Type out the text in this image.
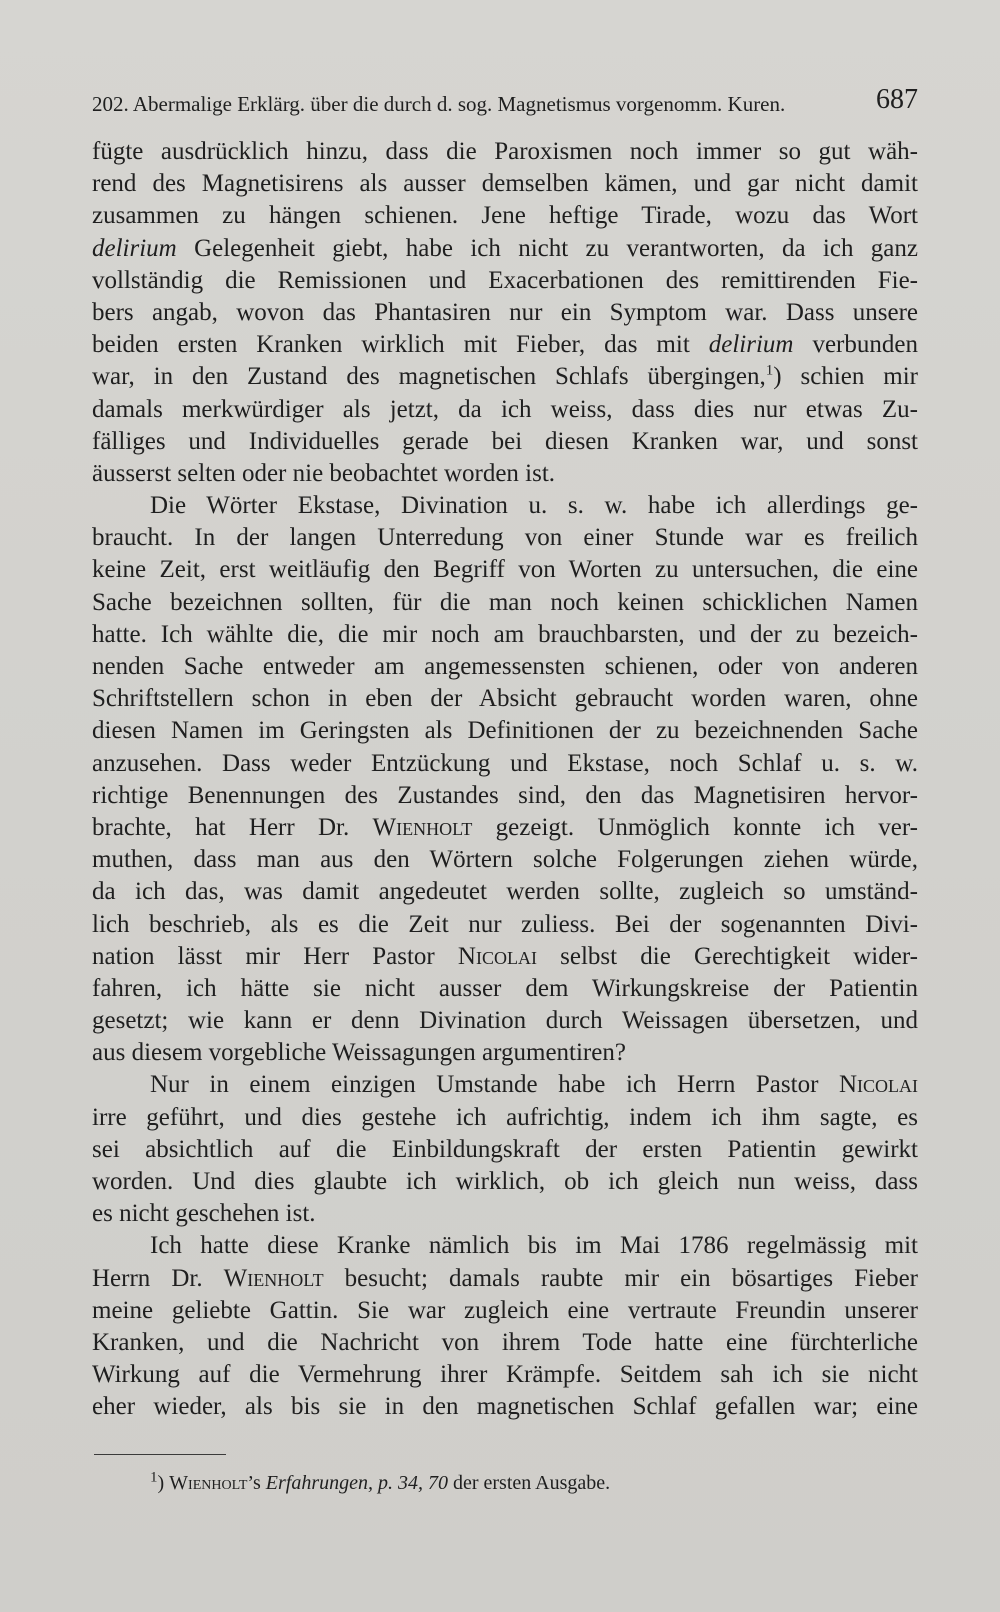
202. Abermalige Erklärg. über die durch d. sog. Magnetismus vorgenomm. Kuren.	687
fügte ausdrücklich hinzu, dass die Paroxismen noch immer so gut wäh-
rend des Magnetisirens als ausser demselben kämen, und gar nicht damit
zusammen zu hängen schienen. Jene heftige Tirade, wozu das Wort
delirium Gelegenheit giebt, habe ich nicht zu verantworten, da ich ganz
vollständig die Remissionen und Exacerbationen des remittirenden Fie-
bers angab, wovon das Phantasiren nur ein Symptom war. Dass unsere
beiden ersten Kranken wirklich mit Fieber, das mit delirium verbunden
war, in den Zustand des magnetischen Schlafs übergingen,$^1$) schien mir
damals merkwürdiger als jetzt, da ich weiss, dass dies nur etwas Zu-
fälliges und Individuelles gerade bei diesen Kranken war, und sonst
äusserst selten oder nie beobachtet worden ist.
Die Wörter Ekstase, Divination u. s. w. habe ich allerdings ge-
braucht. In der langen Unterredung von einer Stunde war es freilich
keine Zeit, erst weitläufig den Begriff von Worten zu untersuchen, die eine
Sache bezeichnen sollten, für die man noch keinen schicklichen Namen
hatte. Ich wählte die, die mir noch am brauchbarsten, und der zu bezeich-
nenden Sache entweder am angemessensten schienen, oder von anderen
Schriftstellern schon in eben der Absicht gebraucht worden waren, ohne
diesen Namen im Geringsten als Definitionen der zu bezeichnenden Sache
anzusehen. Dass weder Entzückung und Ekstase, noch Schlaf u. s. w.
richtige Benennungen des Zustandes sind, den das Magnetisiren hervor-
brachte, hat Herr Dr. Wienholt gezeigt. Unmöglich konnte ich ver-
muthen, dass man aus den Wörtern solche Folgerungen ziehen würde,
da ich das, was damit angedeutet werden sollte, zugleich so umständ-
lich beschrieb, als es die Zeit nur zuliess. Bei der sogenannten Divi-
nation lässt mir Herr Pastor Nicolai selbst die Gerechtigkeit wider-
fahren, ich hätte sie nicht ausser dem Wirkungskreise der Patientin
gesetzt; wie kann er denn Divination durch Weissagen übersetzen, und
aus diesem vorgebliche Weissagungen argumentiren?
Nur in einem einzigen Umstande habe ich Herrn Pastor Nicolai
irre geführt, und dies gestehe ich aufrichtig, indem ich ihm sagte, es
sei absichtlich auf die Einbildungskraft der ersten Patientin gewirkt
worden. Und dies glaubte ich wirklich, ob ich gleich nun weiss, dass
es nicht geschehen ist.
Ich hatte diese Kranke nämlich bis im Mai 1786 regelmässig mit
Herrn Dr. Wienholt besucht; damals raubte mir ein bösartiges Fieber
meine geliebte Gattin. Sie war zugleich eine vertraute Freundin unserer
Kranken, und die Nachricht von ihrem Tode hatte eine fürchterliche
Wirkung auf die Vermehrung ihrer Krämpfe. Seitdem sah ich sie nicht
eher wieder, als bis sie in den magnetischen Schlaf gefallen war; eine
$^1$) Wienholt’s Erfahrungen, p. 34, 70 der ersten Ausgabe.
